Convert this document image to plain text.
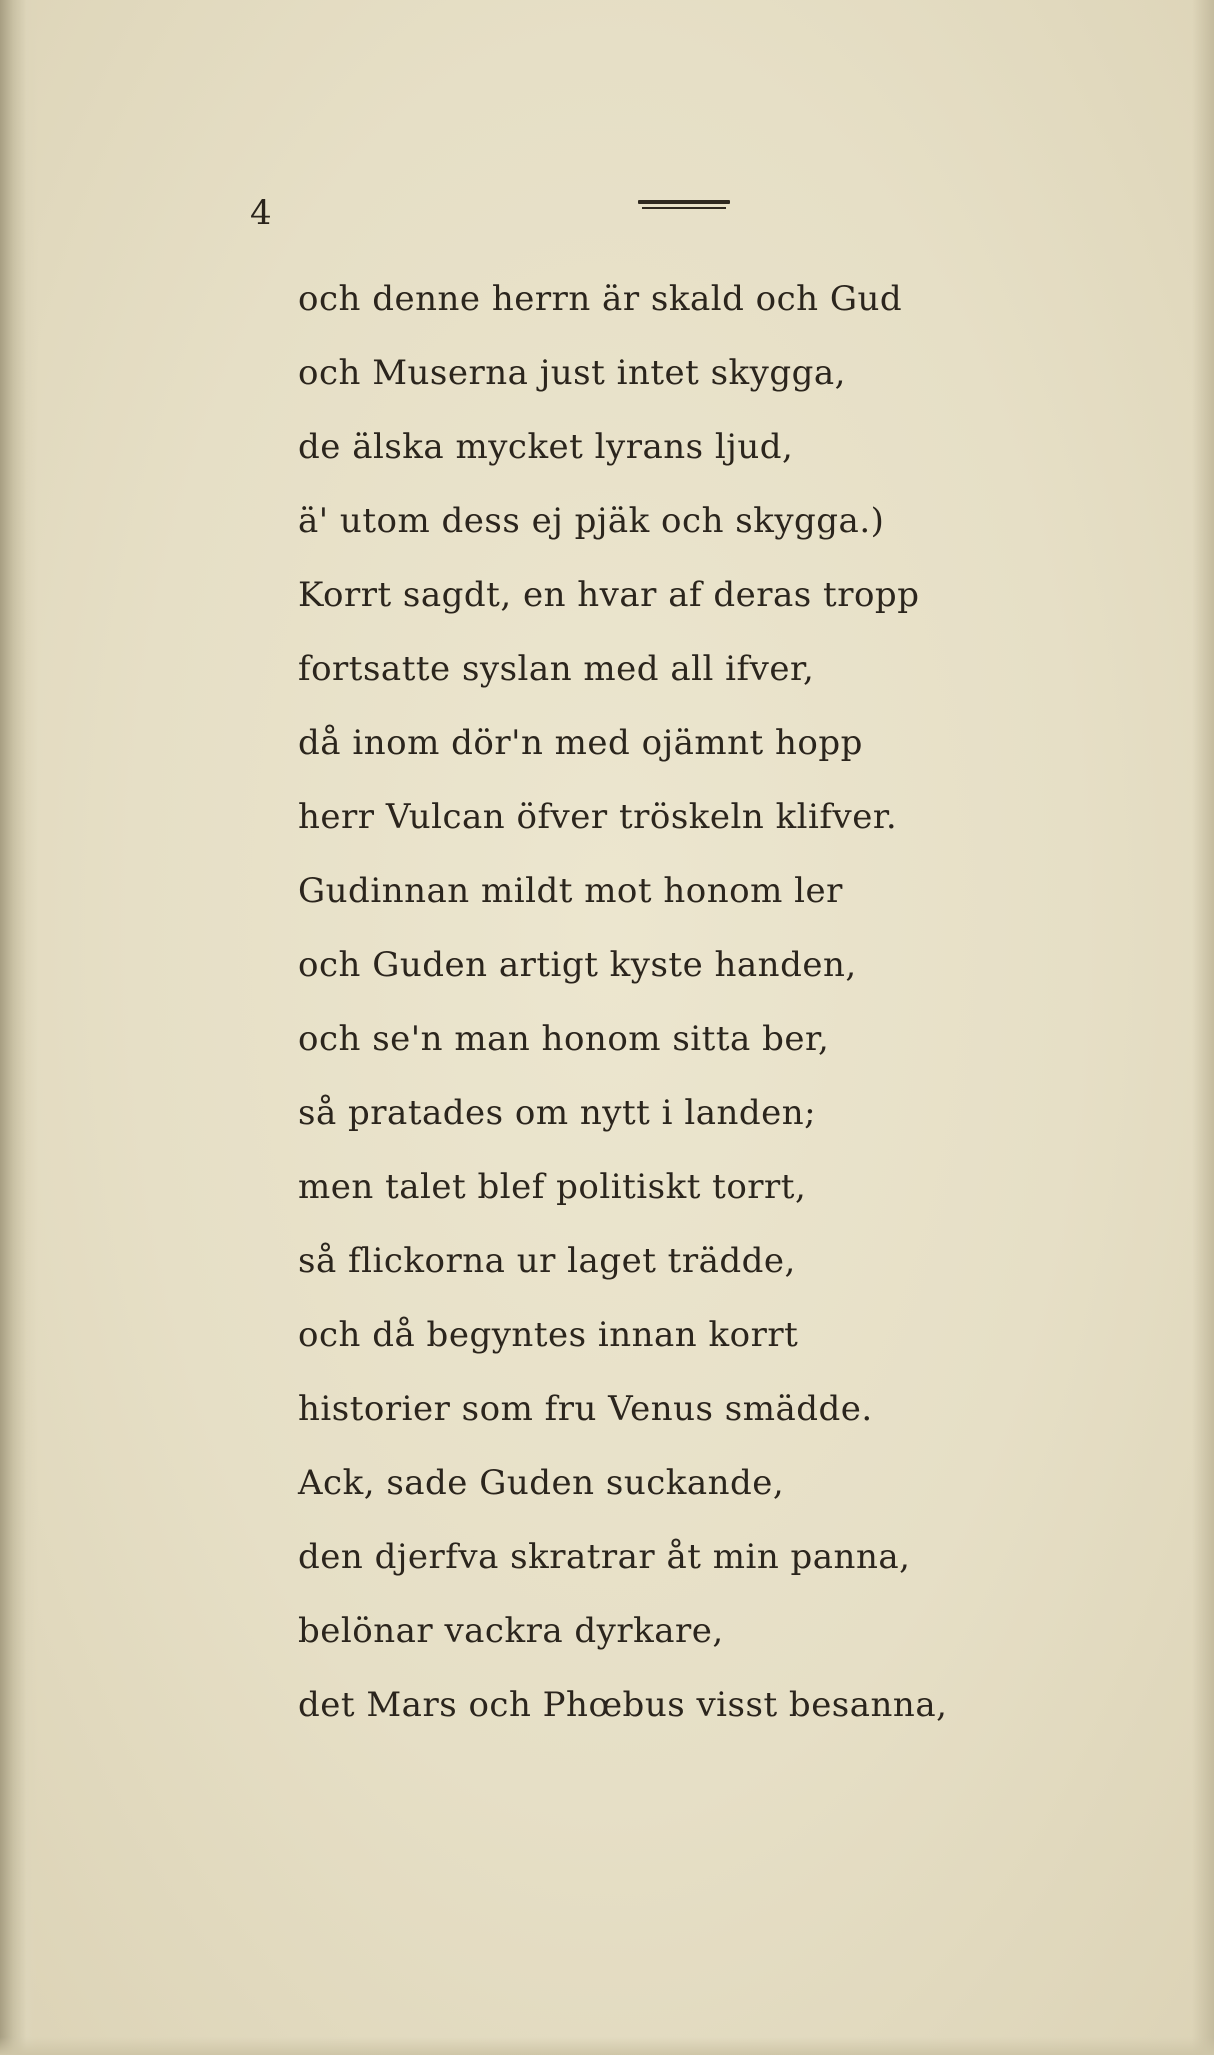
4
och denne herrn är skald och Gud
och Muserna just intet skygga,
de älska mycket lyrans ljud,
ä' utom dess ej pjäk och skygga.)
Korrt sagdt, en hvar af deras tropp
fortsatte syslan med all ifver,
då inom dör'n med ojämnt hopp
herr Vulcan öfver tröskeln klifver.
Gudinnan mildt mot honom ler
och Guden artigt kyste handen,
och se'n man honom sitta ber,
så pratades om nytt i landen;
men talet blef politiskt torrt,
så flickorna ur laget trädde,
och då begyntes innan korrt
historier som fru Venus smädde.
Ack, sade Guden suckande,
den djerfva skratrar åt min panna,
belönar vackra dyrkare,
det Mars och Phœbus visst besanna,
